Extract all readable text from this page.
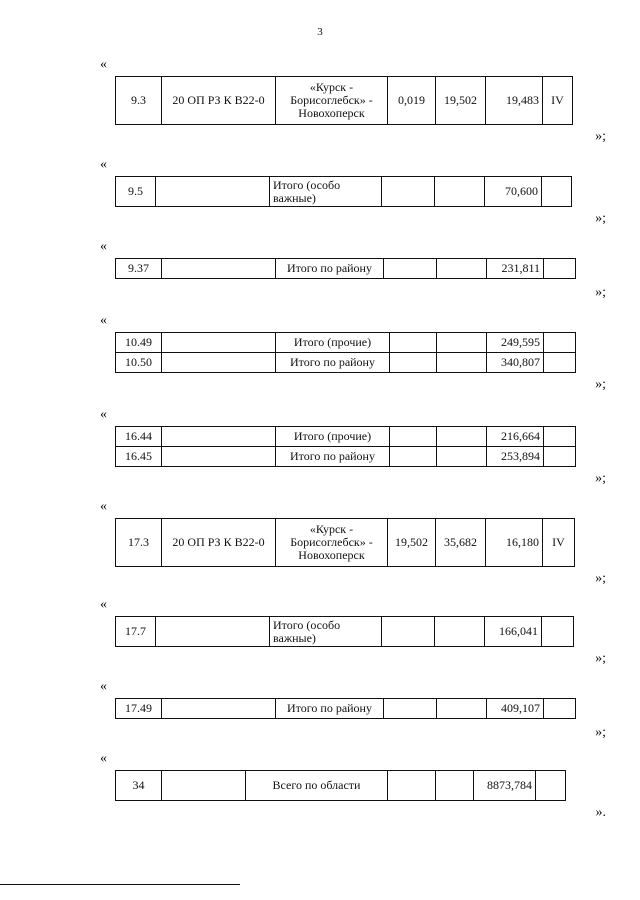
3
«
9.3	20 ОП РЗ К В22-0	«Курск - Борисоглебск» - Новохоперск	0,019	19,502	19,483	IV
»;
«
9.5		Итого (особо важные)			70,600	
»;
«
9.37		Итого по району			231,811	
»;
«
10.49		Итого (прочие)			249,595	
10.50		Итого по району			340,807	
»;
«
16.44		Итого (прочие)			216,664	
16.45		Итого по району			253,894	
»;
«
17.3	20 ОП РЗ К В22-0	«Курск - Борисоглебск» - Новохоперск	19,502	35,682	16,180	IV
»;
«
17.7		Итого (особо важные)			166,041	
»;
«
17.49		Итого по району			409,107	
»;
«
34		Всего по области			8873,784	
».
